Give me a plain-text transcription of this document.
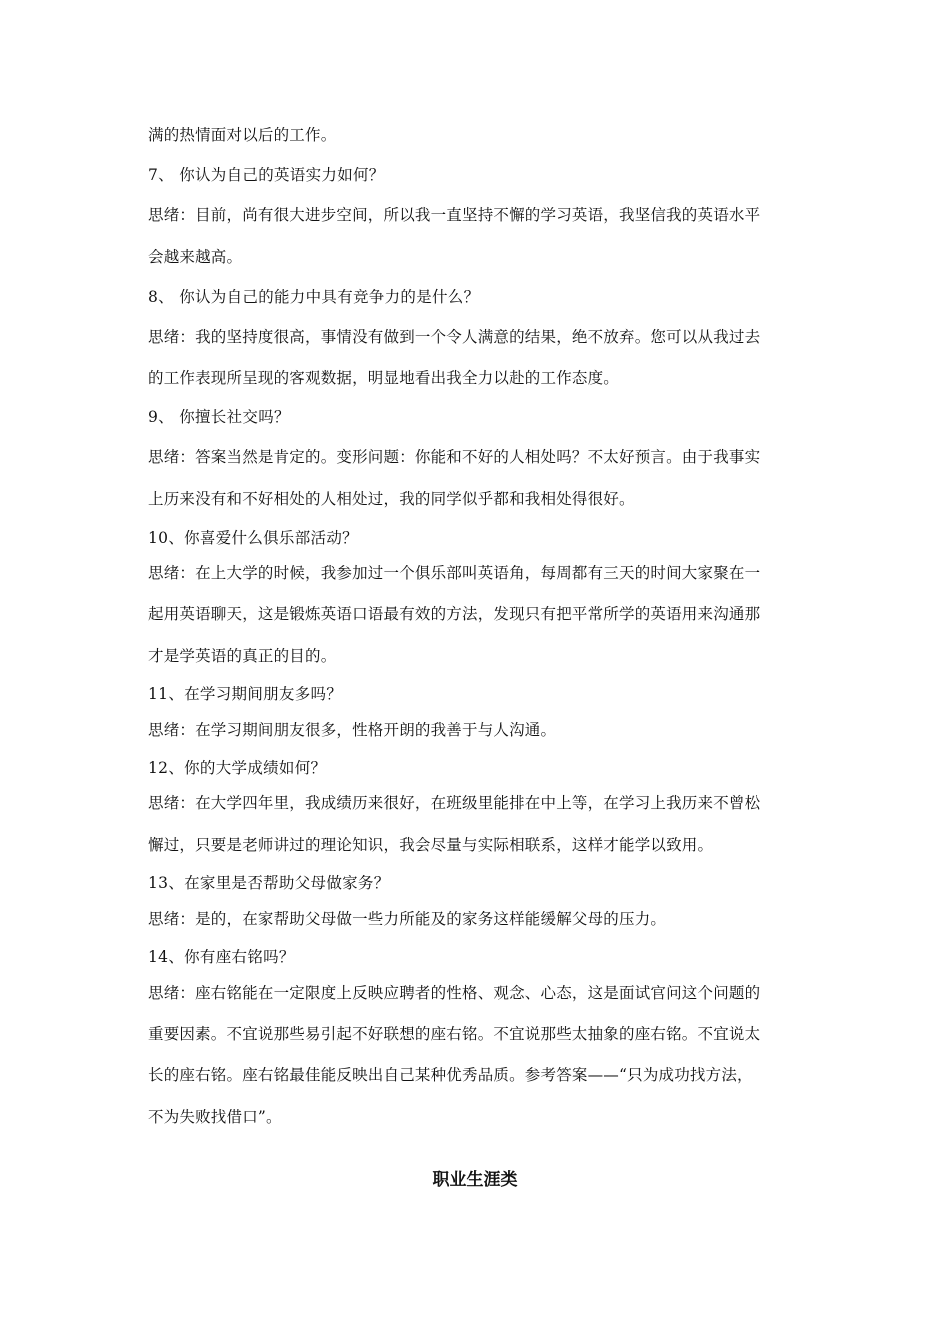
满的热情面对以后的工作。
7、 你认为自己的英语实力如何？
思绪：目前，尚有很大进步空间，所以我一直坚持不懈的学习英语，我坚信我的英语水平
会越来越高。
8、 你认为自己的能力中具有竞争力的是什么？
思绪：我的坚持度很高，事情没有做到一个令人满意的结果，绝不放弃。您可以从我过去
的工作表现所呈现的客观数据，明显地看出我全力以赴的工作态度。
9、 你擅长社交吗？
思绪：答案当然是肯定的。变形问题：你能和不好的人相处吗？不太好预言。由于我事实
上历来没有和不好相处的人相处过，我的同学似乎都和我相处得很好。
10、你喜爱什么俱乐部活动？
思绪：在上大学的时候，我参加过一个俱乐部叫英语角，每周都有三天的时间大家聚在一
起用英语聊天，这是锻炼英语口语最有效的方法，发现只有把平常所学的英语用来沟通那
才是学英语的真正的目的。
11、在学习期间朋友多吗？
思绪：在学习期间朋友很多，性格开朗的我善于与人沟通。
12、你的大学成绩如何？
思绪：在大学四年里，我成绩历来很好，在班级里能排在中上等，在学习上我历来不曾松
懈过，只要是老师讲过的理论知识，我会尽量与实际相联系，这样才能学以致用。
13、在家里是否帮助父母做家务？
思绪：是的，在家帮助父母做一些力所能及的家务这样能缓解父母的压力。
14、你有座右铭吗？
思绪：座右铭能在一定限度上反映应聘者的性格、观念、心态，这是面试官问这个问题的
重要因素。不宜说那些易引起不好联想的座右铭。不宜说那些太抽象的座右铭。不宜说太
长的座右铭。座右铭最佳能反映出自己某种优秀品质。参考答案——“只为成功找方法，
不为失败找借口”。
职业生涯类
